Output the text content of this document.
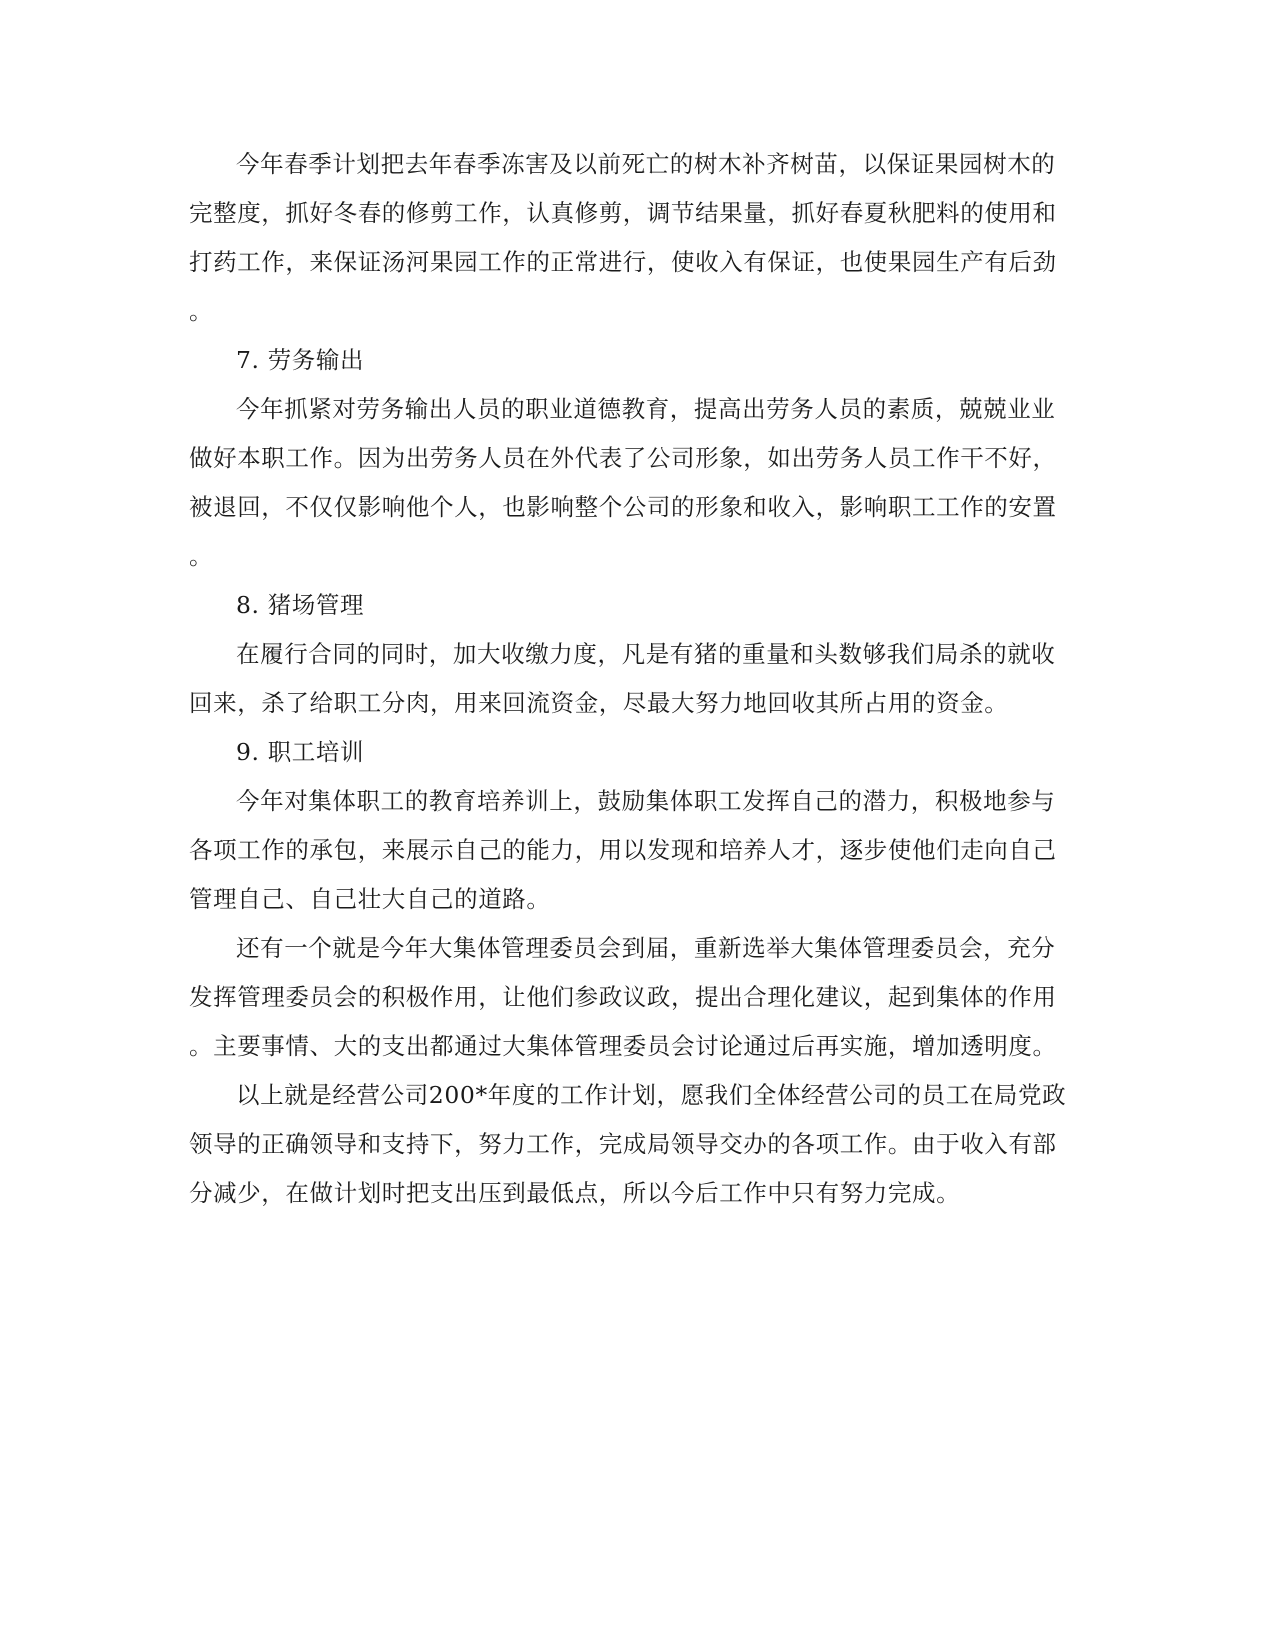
今年春季计划把去年春季冻害及以前死亡的树木补齐树苗，以保证果园树木的
完整度，抓好冬春的修剪工作，认真修剪，调节结果量，抓好春夏秋肥料的使用和
打药工作，来保证汤河果园工作的正常进行，使收入有保证，也使果园生产有后劲
。
7. 劳务输出
今年抓紧对劳务输出人员的职业道德教育，提高出劳务人员的素质，兢兢业业
做好本职工作。因为出劳务人员在外代表了公司形象，如出劳务人员工作干不好，
被退回，不仅仅影响他个人，也影响整个公司的形象和收入，影响职工工作的安置
。
8. 猪场管理
在履行合同的同时，加大收缴力度，凡是有猪的重量和头数够我们局杀的就收
回来，杀了给职工分肉，用来回流资金，尽最大努力地回收其所占用的资金。
9. 职工培训
今年对集体职工的教育培养训上，鼓励集体职工发挥自己的潜力，积极地参与
各项工作的承包，来展示自己的能力，用以发现和培养人才，逐步使他们走向自己
管理自己、自己壮大自己的道路。
还有一个就是今年大集体管理委员会到届，重新选举大集体管理委员会，充分
发挥管理委员会的积极作用，让他们参政议政，提出合理化建议，起到集体的作用
。主要事情、大的支出都通过大集体管理委员会讨论通过后再实施，增加透明度。
以上就是经营公司200*年度的工作计划，愿我们全体经营公司的员工在局党政
领导的正确领导和支持下，努力工作，完成局领导交办的各项工作。由于收入有部
分减少，在做计划时把支出压到最低点，所以今后工作中只有努力完成。
